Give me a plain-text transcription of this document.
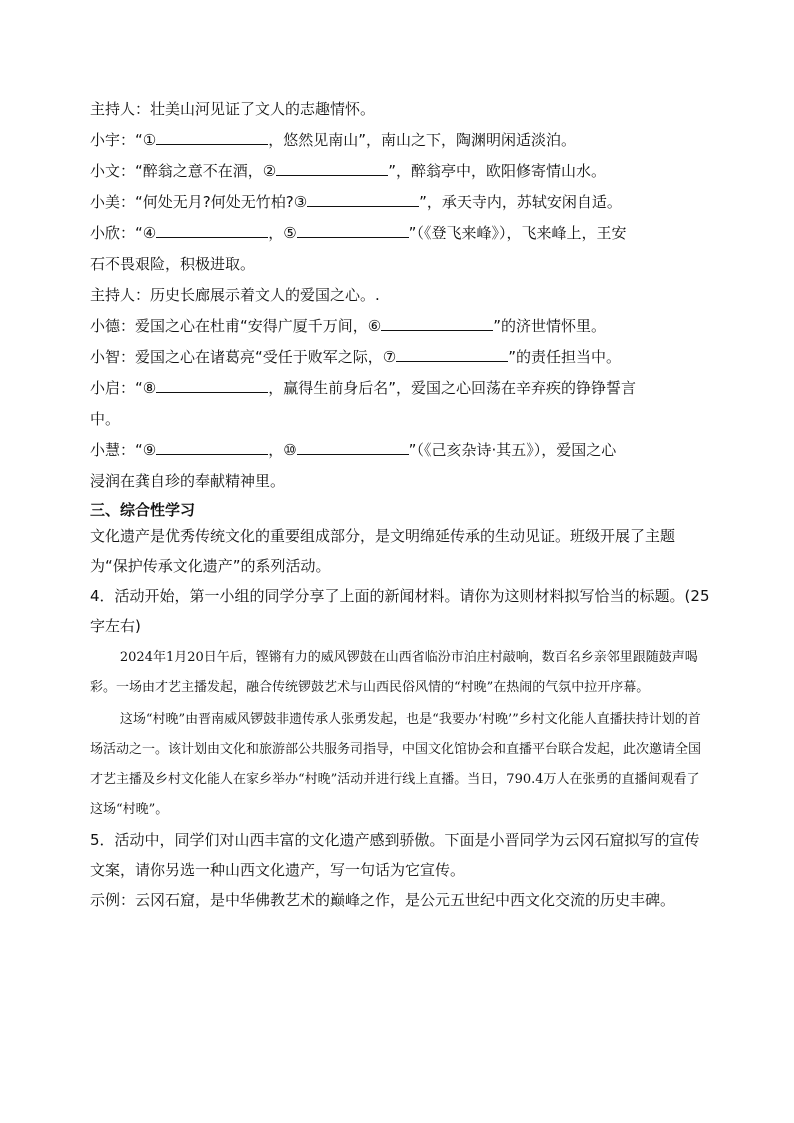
主持人：壮美山河见证了文人的志趣情怀。
小宇：“①	，悠然见南山”，南山之下，陶渊明闲适淡泊。
小文：“醉翁之意不在酒，②	”，醉翁亭中，欧阳修寄情山水。
小美：“何处无月?何处无竹柏?③	”，承天寺内，苏轼安闲自适。
小欣：“④	，⑤	”（《登飞来峰》），飞来峰上，王安
石不畏艰险，积极进取。
主持人：历史长廊展示着文人的爱国之心。.
小德：爱国之心在杜甫“安得广厦千万间，⑥	”的济世情怀里。
小智：爱国之心在诸葛亮“受任于败军之际，⑦	”的责任担当中。
小启：“⑧	，赢得生前身后名”，爱国之心回荡在辛弃疾的铮铮誓言
中。
小慧：“⑨	，⑩	”（《己亥杂诗·其五》），爱国之心
浸润在龚自珍的奉献精神里。
三、综合性学习
文化遗产是优秀传统文化的重要组成部分，是文明绵延传承的生动见证。班级开展了主题为“保护传承文化遗产”的系列活动。
4．活动开始，第一小组的同学分享了上面的新闻材料。请你为这则材料拟写恰当的标题。(25字左右)
2024年1月20日午后，铿锵有力的威风锣鼓在山西省临汾市泊庄村敲响，数百名乡亲邻里跟随鼓声喝彩。一场由才艺主播发起，融合传统锣鼓艺术与山西民俗风情的“村晚”在热闹的气氛中拉开序幕。
这场“村晚”由晋南威风锣鼓非遗传承人张勇发起，也是“我要办‘村晚’”乡村文化能人直播扶持计划的首场活动之一。该计划由文化和旅游部公共服务司指导，中国文化馆协会和直播平台联合发起，此次邀请全国才艺主播及乡村文化能人在家乡举办“村晚”活动并进行线上直播。当日，790.4万人在张勇的直播间观看了这场“村晚”。
5．活动中，同学们对山西丰富的文化遗产感到骄傲。下面是小晋同学为云冈石窟拟写的宣传文案，请你另选一种山西文化遗产，写一句话为它宣传。
示例：云冈石窟，是中华佛教艺术的巅峰之作，是公元五世纪中西文化交流的历史丰碑。
